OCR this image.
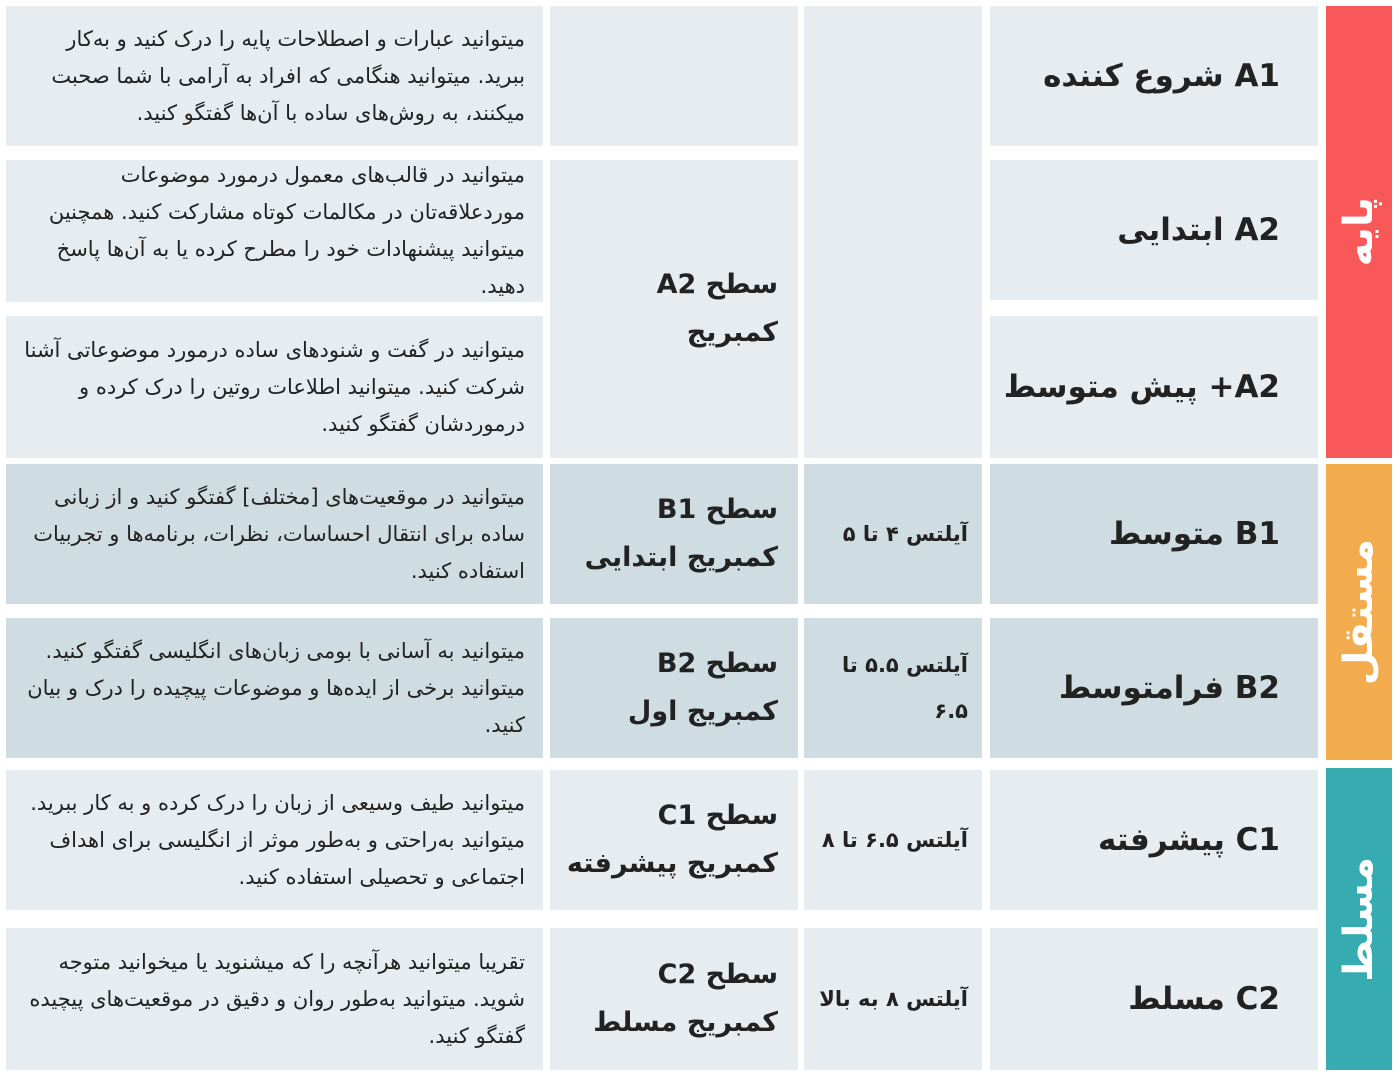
پایه
مستقل
مسلط
A1 شروع کننده
A2 ابتدایی
A2+ پیش متوسط
B1 متوسط
B2 فرامتوسط
C1 پیشرفته
C2 مسلط
آیلتس ۴ تا ۵
آیلتس ۵.۵ تا ۶.۵
آیلتس ۶.۵ تا ۸
آیلتس ۸ به بالا
سطح A2 کمبریج
سطح B1 کمبریج ابتدایی
سطح B2 کمبریج اول
سطح C1 کمبریج پیشرفته
سطح C2 کمبریج مسلط
میتوانید عبارات و اصطلاحات پایه را درک کنید و به‌کار ببرید. میتوانید هنگامی که افراد به آرامی با شما صحبت میکنند، به روش‌های ساده با آن‌ها گفتگو کنید.
میتوانید در قالب‌های معمول درمورد موضوعات موردعلاقه‌تان در مکالمات کوتاه مشارکت کنید. همچنین میتوانید پیشنهادات خود را مطرح کرده یا به آن‌ها پاسخ دهید.
میتوانید در گفت و شنودهای ساده درمورد موضوعاتی آشنا شرکت کنید. میتوانید اطلاعات روتین را درک کرده و درموردشان گفتگو کنید.
میتوانید در موقعیت‌های [مختلف] گفتگو کنید و از زبانی ساده برای انتقال احساسات، نظرات، برنامه‌ها و تجربیات استفاده کنید.
میتوانید به آسانی با بومی زبان‌های انگلیسی گفتگو کنید. میتوانید برخی از ایده‌ها و موضوعات پیچیده را درک و بیان کنید.
میتوانید طیف وسیعی از زبان را درک کرده و به کار ببرید. میتوانید به‌راحتی و به‌طور موثر از انگلیسی برای اهداف اجتماعی و تحصیلی استفاده کنید.
تقریبا میتوانید هرآنچه را که میشنوید یا میخوانید متوجه شوید. میتوانید به‌طور روان و دقیق در موقعیت‌های پیچیده گفتگو کنید.
